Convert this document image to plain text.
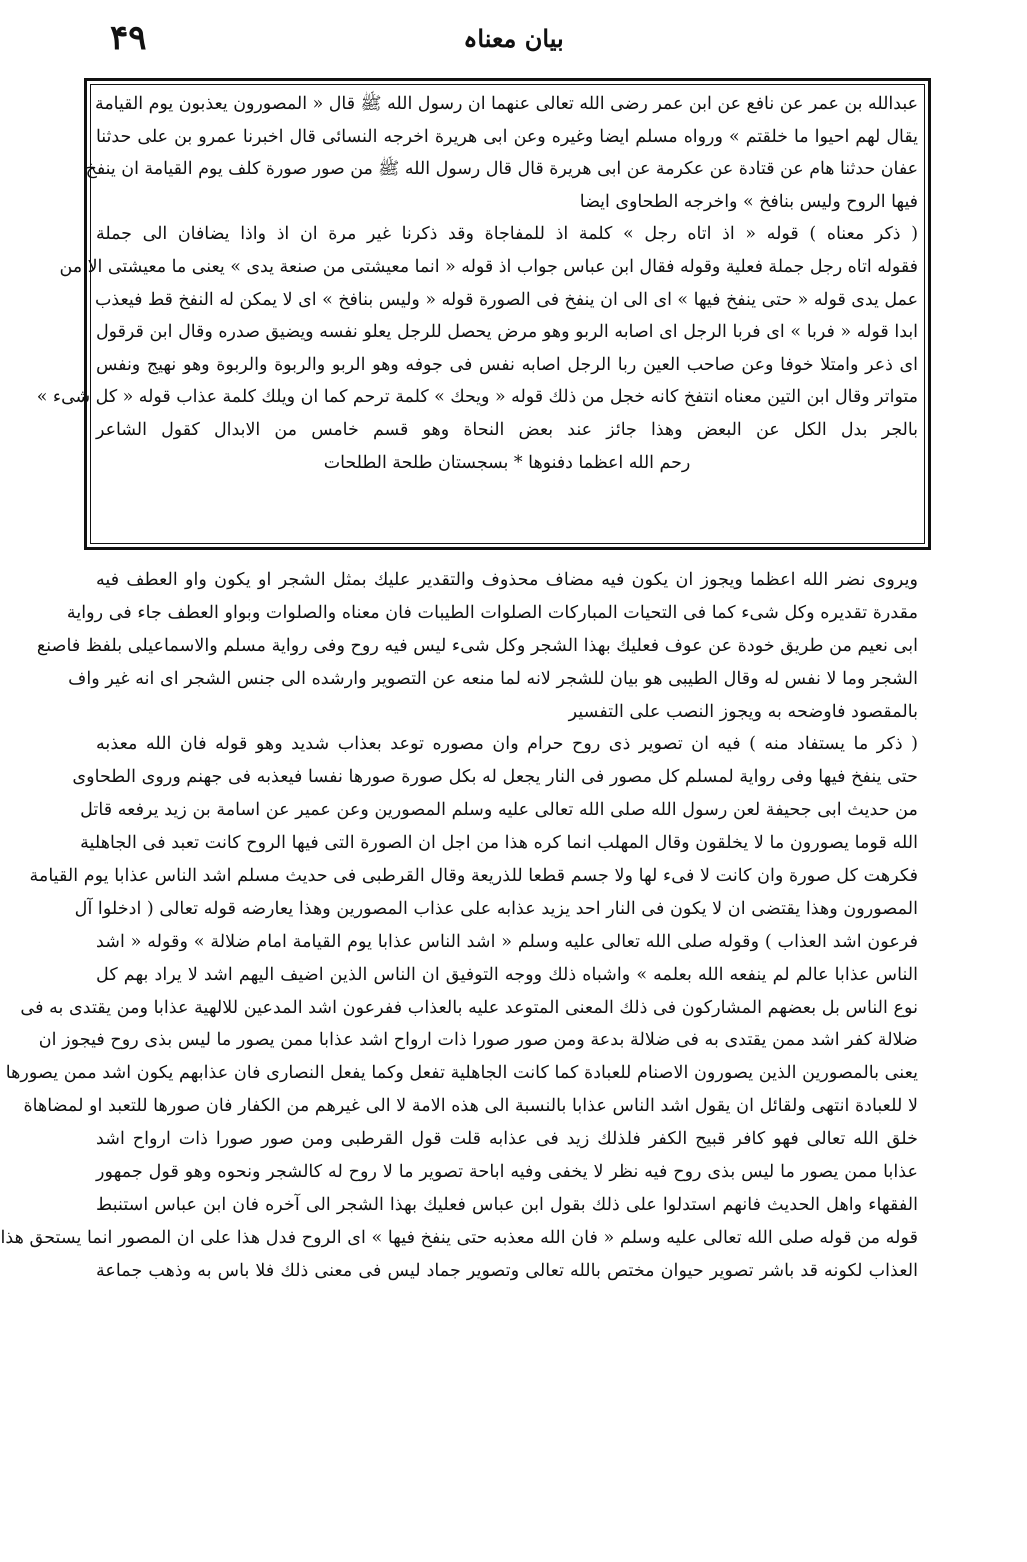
۴۹	بیان معناہ
عبدالله بن عمر عن نافع عن ابن عمر رضی الله تعالی عنهما ان رسول الله ﷺ قال « المصورون يعذبون يوم القيامة
يقال لهم احيوا ما خلقتم » ورواه مسلم ايضا وغيره وعن ابی هريرة اخرجه النسائی قال اخبرنا عمرو بن علی حدثنا
عفان حدثنا هام عن قتادة عن عكرمة عن ابی هريرة قال قال رسول الله ﷺ من صور صورة كلف يوم القيامة ان ينفخ
فيها الروح وليس بنافخ » واخرجه الطحاوی ايضا
( ذكر معناه ) قوله « اذ اتاه رجل » كلمة اذ للمفاجاة وقد ذكرنا غير مرة ان اذ واذا يضافان الى جملة
فقوله اتاه رجل جملة فعلية وقوله فقال ابن عباس جواب اذ قوله « انما معيشتی من صنعة يدی » يعنی ما معيشتی الا من
عمل يدی قوله « حتى ينفخ فيها » ای الى ان ينفخ فی الصورة قوله « وليس بنافخ » ای لا يمكن له النفخ قط فيعذب
ابدا قوله « فربا » ای فربا الرجل ای اصابه الربو وهو مرض يحصل للرجل يعلو نفسه ويضيق صدره وقال ابن قرقول
ای ذعر وامتلا خوفا وعن صاحب العين ربا الرجل اصابه نفس فی جوفه وهو الربو والربوة والربوة وهو نهيج ونفس
متواتر وقال ابن التين معناه انتفخ كانه خجل من ذلك قوله « ويحك » كلمة ترحم كما ان ويلك كلمة عذاب قوله « كل شیء »
بالجر بدل الكل عن البعض وهذا جائز عند بعض النحاة وهو قسم خامس من الابدال كقول الشاعر
رحم الله اعظما دفنوها * بسجستان طلحة الطلحات
ويروى نضر الله اعظما ويجوز ان يكون فيه مضاف محذوف والتقدير عليك بمثل الشجر او يكون واو العطف فيه
مقدرة تقديره وكل شیء كما فی التحيات المباركات الصلوات الطيبات فان معناه والصلوات وبواو العطف جاء فی رواية
ابی نعيم من طريق خودة عن عوف فعليك بهذا الشجر وكل شیء ليس فيه روح وفی رواية مسلم والاسماعيلی بلفظ فاصنع
الشجر وما لا نفس له وقال الطيبی هو بيان للشجر لانه لما منعه عن التصوير وارشده الى جنس الشجر ای انه غير واف
بالمقصود فاوضحه به ويجوز النصب على التفسير
( ذكر ما يستفاد منه ) فيه ان تصوير ذی روح حرام وان مصوره توعد بعذاب شديد وهو قوله فان الله معذبه
حتى ينفخ فيها وفی رواية لمسلم كل مصور فی النار يجعل له بكل صورة صورها نفسا فيعذبه فی جهنم وروى الطحاوی
من حديث ابی جحيفة لعن رسول الله صلى الله تعالى عليه وسلم المصورين وعن عمير عن اسامة بن زيد يرفعه قاتل
الله قوما يصورون ما لا يخلقون وقال المهلب انما كره هذا من اجل ان الصورة التی فيها الروح كانت تعبد فی الجاهلية
فكرهت كل صورة وان كانت لا فیء لها ولا جسم قطعا للذريعة وقال القرطبی فی حديث مسلم اشد الناس عذابا يوم القيامة
المصورون وهذا يقتضی ان لا يكون فی النار احد يزيد عذابه على عذاب المصورين وهذا يعارضه قوله تعالى ( ادخلوا آل
فرعون اشد العذاب ) وقوله صلى الله تعالى عليه وسلم « اشد الناس عذابا يوم القيامة امام ضلالة » وقوله « اشد
الناس عذابا عالم لم ينفعه الله بعلمه » واشباه ذلك ووجه التوفيق ان الناس الذين اضيف اليهم اشد لا يراد بهم كل
نوع الناس بل بعضهم المشاركون فی ذلك المعنى المتوعد عليه بالعذاب ففرعون اشد المدعين للالهية عذابا ومن يقتدی به فی
ضلالة كفر اشد ممن يقتدی به فی ضلالة بدعة ومن صور صورا ذات ارواح اشد عذابا ممن يصور ما ليس بذی روح فيجوز ان
يعنی بالمصورين الذين يصورون الاصنام للعبادة كما كانت الجاهلية تفعل وكما يفعل النصارى فان عذابهم يكون اشد ممن يصورها
لا للعبادة انتهى ولقائل ان يقول اشد الناس عذابا بالنسبة الى هذه الامة لا الى غيرهم من الكفار فان صورها للتعبد او لمضاهاة
خلق الله تعالى فهو كافر قبيح الكفر فلذلك زيد فی عذابه قلت قول القرطبی ومن صور صورا ذات ارواح اشد
عذابا ممن يصور ما ليس بذی روح فيه نظر لا يخفى وفيه اباحة تصوير ما لا روح له كالشجر ونحوه وهو قول جمهور
الفقهاء واهل الحديث فانهم استدلوا على ذلك بقول ابن عباس فعليك بهذا الشجر الى آخره فان ابن عباس استنبط
قوله من قوله صلى الله تعالى عليه وسلم « فان الله معذبه حتى ينفخ فيها » ای الروح فدل هذا على ان المصور انما يستحق هذا
العذاب لكونه قد باشر تصوير حيوان مختص بالله تعالى وتصوير جماد ليس فی معنى ذلك فلا باس به وذهب جماعة
